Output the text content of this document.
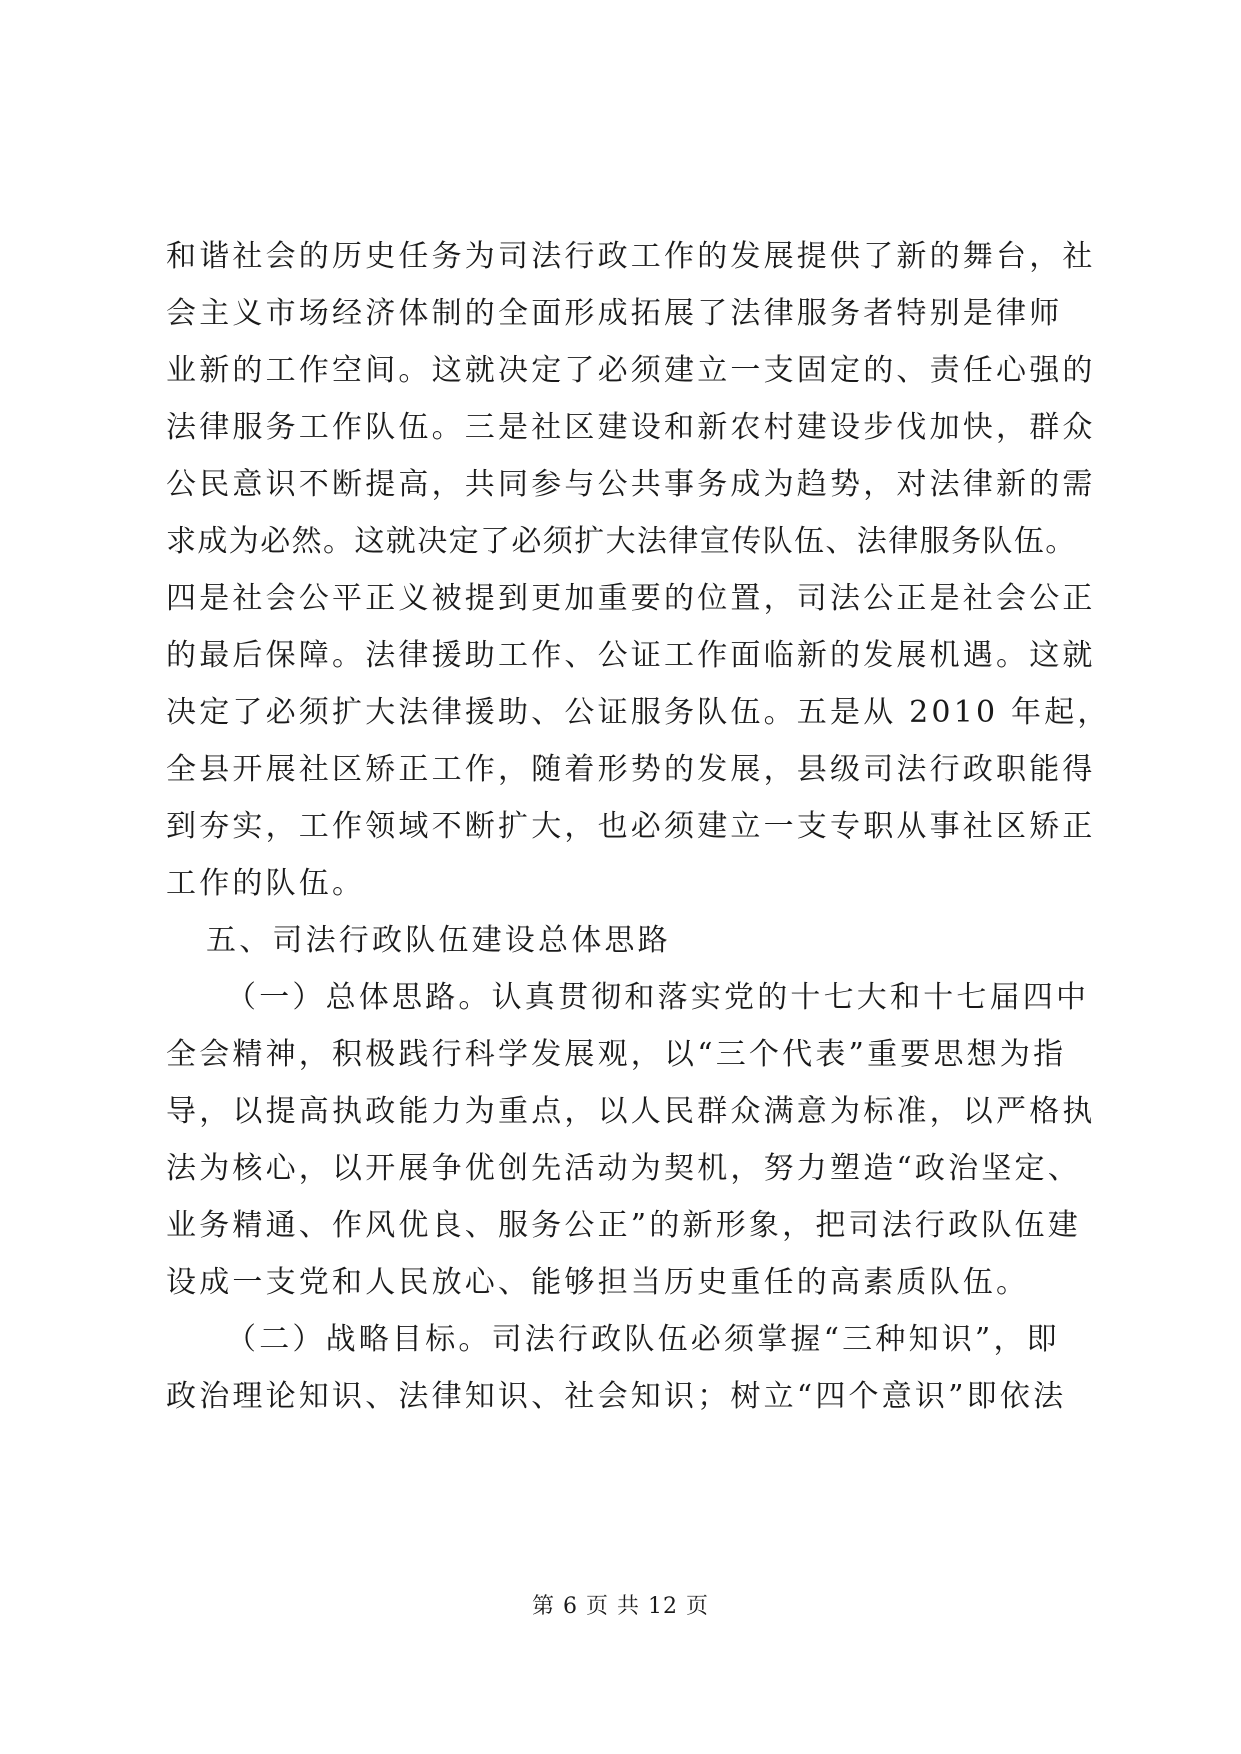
和谐社会的历史任务为司法行政工作的发展提供了新的舞台，社
会主义市场经济体制的全面形成拓展了法律服务者特别是律师
业新的工作空间。这就决定了必须建立一支固定的、责任心强的
法律服务工作队伍。三是社区建设和新农村建设步伐加快，群众
公民意识不断提高，共同参与公共事务成为趋势，对法律新的需
求成为必然。这就决定了必须扩大法律宣传队伍、法律服务队伍。
四是社会公平正义被提到更加重要的位置，司法公正是社会公正
的最后保障。法律援助工作、公证工作面临新的发展机遇。这就
决定了必须扩大法律援助、公证服务队伍。五是从 2010 年起，
全县开展社区矫正工作，随着形势的发展，县级司法行政职能得
到夯实，工作领域不断扩大，也必须建立一支专职从事社区矫正
工作的队伍。
五、司法行政队伍建设总体思路
（一）总体思路。认真贯彻和落实党的十七大和十七届四中
全会精神，积极践行科学发展观，以“三个代表”重要思想为指
导，以提高执政能力为重点，以人民群众满意为标准，以严格执
法为核心，以开展争优创先活动为契机，努力塑造“政治坚定、
业务精通、作风优良、服务公正”的新形象，把司法行政队伍建
设成一支党和人民放心、能够担当历史重任的高素质队伍。
（二）战略目标。司法行政队伍必须掌握“三种知识”，即
政治理论知识、法律知识、社会知识；树立“四个意识”即依法
第 6 页 共 12 页
